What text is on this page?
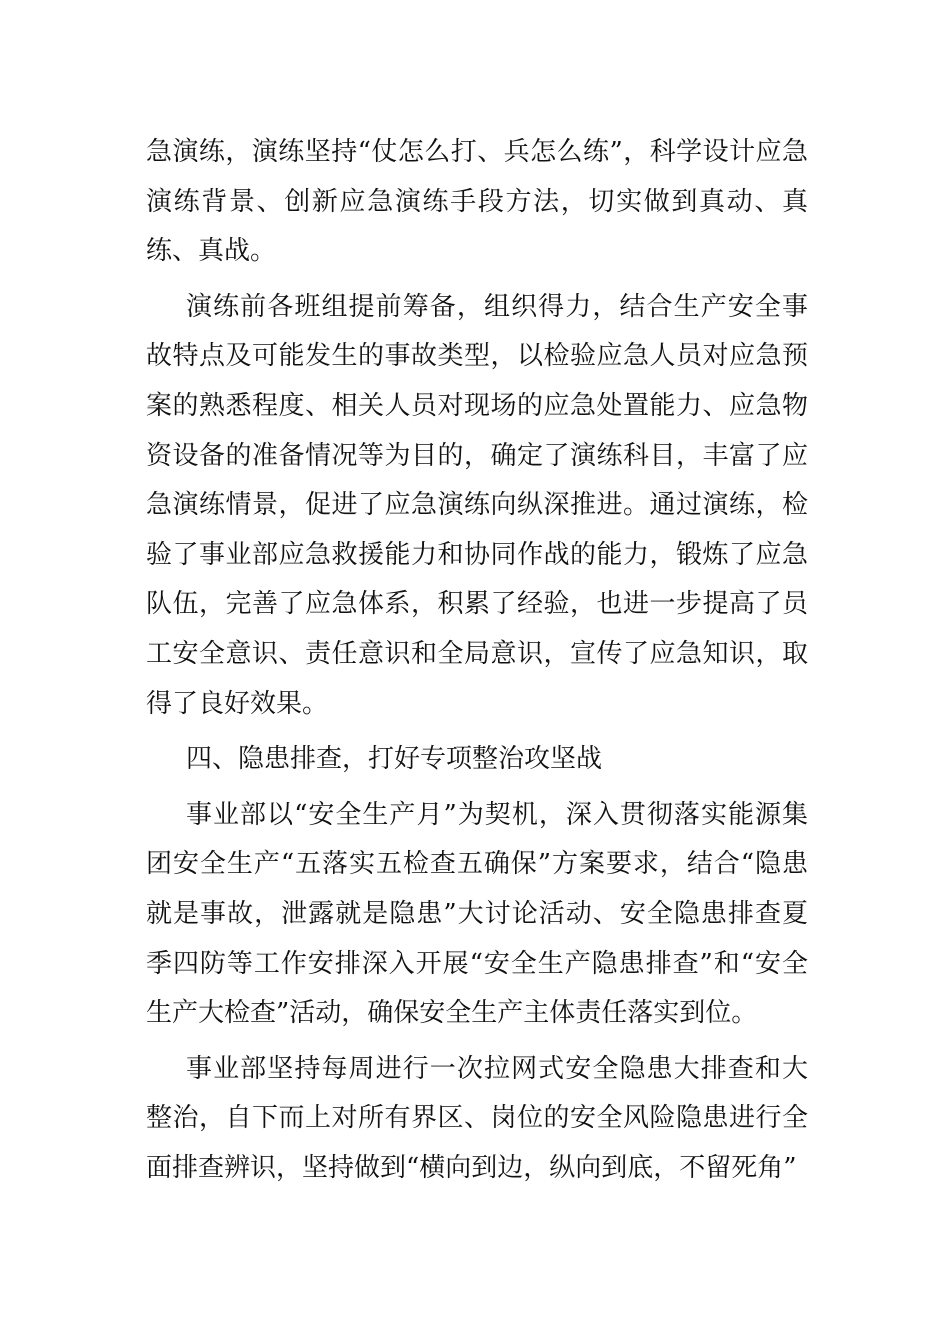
急演练，演练坚持“仗怎么打、兵怎么练”，科学设计应急演练背景、创新应急演练手段方法，切实做到真动、真练、真战。

演练前各班组提前筹备，组织得力，结合生产安全事故特点及可能发生的事故类型，以检验应急人员对应急预案的熟悉程度、相关人员对现场的应急处置能力、应急物资设备的准备情况等为目的，确定了演练科目，丰富了应急演练情景，促进了应急演练向纵深推进。通过演练，检验了事业部应急救援能力和协同作战的能力，锻炼了应急队伍，完善了应急体系，积累了经验，也进一步提高了员工安全意识、责任意识和全局意识，宣传了应急知识，取得了良好效果。

四、隐患排查，打好专项整治攻坚战

事业部以“安全生产月”为契机，深入贯彻落实能源集团安全生产“五落实五检查五确保”方案要求，结合“隐患就是事故，泄露就是隐患”大讨论活动、安全隐患排查夏季四防等工作安排深入开展“安全生产隐患排查”和“安全生产大检查”活动，确保安全生产主体责任落实到位。

事业部坚持每周进行一次拉网式安全隐患大排查和大整治，自下而上对所有界区、岗位的安全风险隐患进行全面排查辨识，坚持做到“横向到边，纵向到底，不留死角”
